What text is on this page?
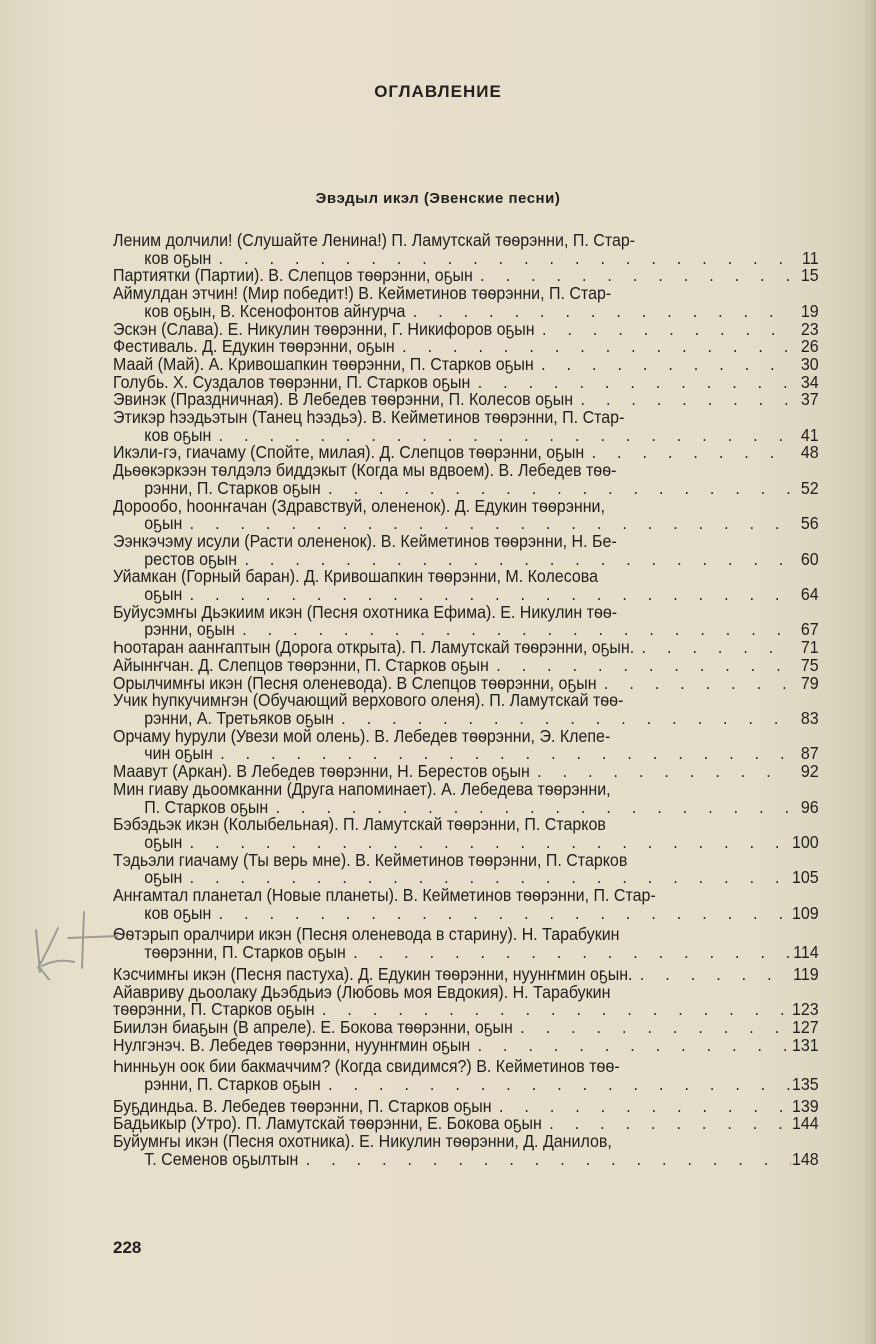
ОГЛАВЛЕНИЕ
Эвэдыл икэл (Эвенские песни)
Леним долчили! (Слушайте Ленина!) П. Ламутскай тѳѳрэнни, П. Стар-
ков оҕын . . .	11
Партиятки (Партии). В. Слепцов тѳѳрэнни, оҕын . . .	15
Аймулдан этчин! (Мир победит!) В. Кейметинов тѳѳрэнни, П. Стар-
ков оҕын, В. Ксенофонтов айҥурча . . .	19
Эскэн (Слава). Е. Никулин тѳѳрэнни, Г. Никифоров оҕын . . .	23
Фестиваль. Д. Едукин тѳѳрэнни, оҕын . . .	26
Маай (Май). А. Кривошапкин тѳѳрэнни, П. Старков оҕын . . .	30
Голубь. Х. Суздалов тѳѳрэнни, П. Старков оҕын . . .	34
Эвинэк (Праздничная). В Лебедев тѳѳрэнни, П. Колесов оҕын . . .	37
Этикэр һээдьэтын (Танец һээдьэ). В. Кейметинов тѳѳрэнни, П. Стар-
ков оҕын . . .	41
Икэли-гэ, гиачаму (Спойте, милая). Д. Слепцов тѳѳрэнни, оҕын . . .	48
Дьѳѳкэркээн тѳлдэлэ биддэкыт (Когда мы вдвоем). В. Лебедев тѳѳ-
рэнни, П. Старков оҕын . . .	52
Дорообо, һоонҥачан (Здравствуй, олененок). Д. Едукин тѳѳрэнни,
оҕын . . .	56
Ээнкэчэму исули (Расти олененок). В. Кейметинов тѳѳрэнни, Н. Бе-
рестов оҕын . . .	60
Уйамкан (Горный баран). Д. Кривошапкин тѳѳрэнни, М. Колесова
оҕын . . .	64
Буйусэмҥы Дьэкиим икэн (Песня охотника Ефима). Е. Никулин тѳѳ-
рэнни, оҕын . . .	67
Һоотаран аанҥаптын (Дорога открыта). П. Ламутскай тѳѳрэнни, оҕын. . . .	71
Айынҥчан. Д. Слепцов тѳѳрэнни, П. Старков оҕын . . .	75
Орылчимҥы икэн (Песня оленевода). В Слепцов тѳѳрэнни, оҕын . . .	79
Учик һупкучимҥэн (Обучающий верхового оленя). П. Ламутскай тѳѳ-
рэнни, А. Третьяков оҕын . . .	83
Орчаму һурули (Увези мой олень). В. Лебедев тѳѳрэнни, Э. Клепе-
чин оҕын . . .	87
Маавут (Аркан). В Лебедев тѳѳрэнни, Н. Берестов оҕын . . .	92
Мин гиаву дьоомканни (Друга напоминает). А. Лебедева тѳѳрэнни,
П. Старков оҕын . . .	96
Бэбэдьэк икэн (Колыбельная). П. Ламутскай тѳѳрэнни, П. Старков
оҕын . . .	100
Тэдьэли гиачаму (Ты верь мне). В. Кейметинов тѳѳрэнни, П. Старков
оҕын . . .	105
Анҥамтал планетал (Новые планеты). В. Кейметинов тѳѳрэнни, П. Стар-
ков оҕын . . .	109
Ѳѳтэрып оралчири икэн (Песня оленевода в старину). Н. Тарабукин
тѳѳрэнни, П. Старков оҕын . . .	114
Кэсчимҥы икэн (Песня пастуха). Д. Едукин тѳѳрэнни, нуунҥмин оҕын. . . .	119
Айавриву дьоолаку Дьэбдьиэ (Любовь моя Евдокия). Н. Тарабукин
тѳѳрэнни, П. Старков оҕын . . .	123
Биилэн биаҕын (В апреле). Е. Бокова тѳѳрэнни, оҕын . . .	127
Нулгэнэч. В. Лебедев тѳѳрэнни, нуунҥмин оҕын . . .	131
Һинньун оок бии бакмаччим? (Когда свидимся?) В. Кейметинов тѳѳ-
рэнни, П. Старков оҕын . . .	135
Буҕдиндьа. В. Лебедев тѳѳрэнни, П. Старков оҕын . . .	139
Бадьикыр (Утро). П. Ламутскай тѳѳрэнни, Е. Бокова оҕын . . .	144
Буйумҥы икэн (Песня охотника). Е. Никулин тѳѳрэнни, Д. Данилов,
Т. Семенов оҕылтын . . .	148
228
